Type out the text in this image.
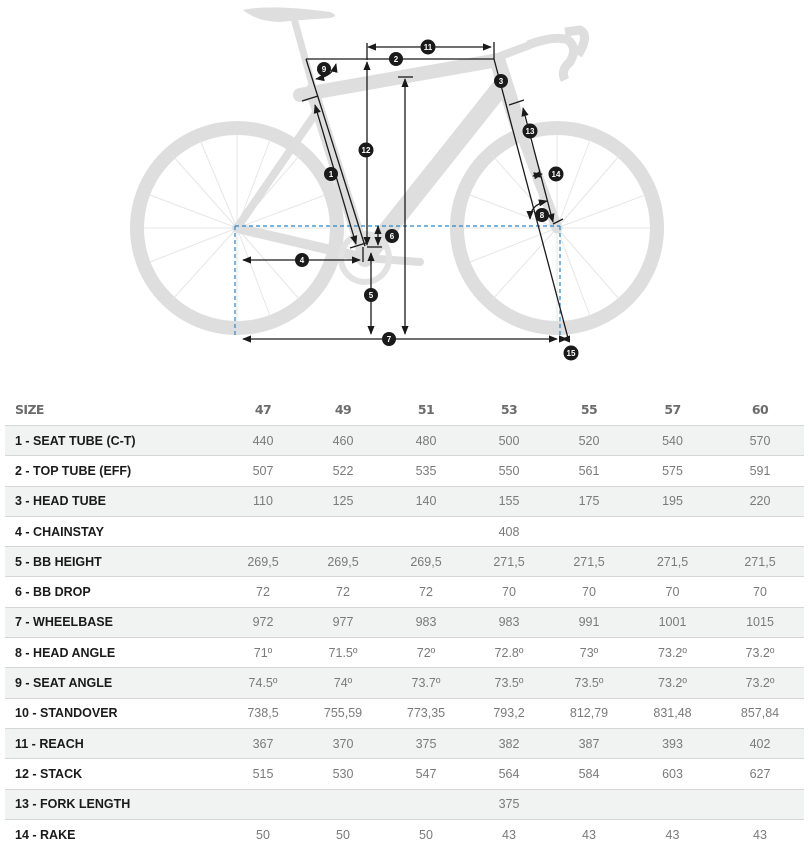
1
2
3
4
5
6
7
8
9
11
12
13
14
15
SIZE	47	49	51	53	55	57	60
1 - SEAT TUBE (C-T)	440	460	480	500	520	540	570
2 - TOP TUBE (EFF)	507	522	535	550	561	575	591
3 - HEAD TUBE	110	125	140	155	175	195	220
4 - CHAINSTAY				408			
5 - BB HEIGHT	269,5	269,5	269,5	271,5	271,5	271,5	271,5
6 - BB DROP	72	72	72	70	70	70	70
7 - WHEELBASE	972	977	983	983	991	1001	1015
8 - HEAD ANGLE	71º	71.5º	72º	72.8º	73º	73.2º	73.2º
9 - SEAT ANGLE	74.5º	74º	73.7º	73.5º	73.5º	73.2º	73.2º
10 - STANDOVER	738,5	755,59	773,35	793,2	812,79	831,48	857,84
11 - REACH	367	370	375	382	387	393	402
12 - STACK	515	530	547	564	584	603	627
13 - FORK LENGTH				375			
14 - RAKE	50	50	50	43	43	43	43
